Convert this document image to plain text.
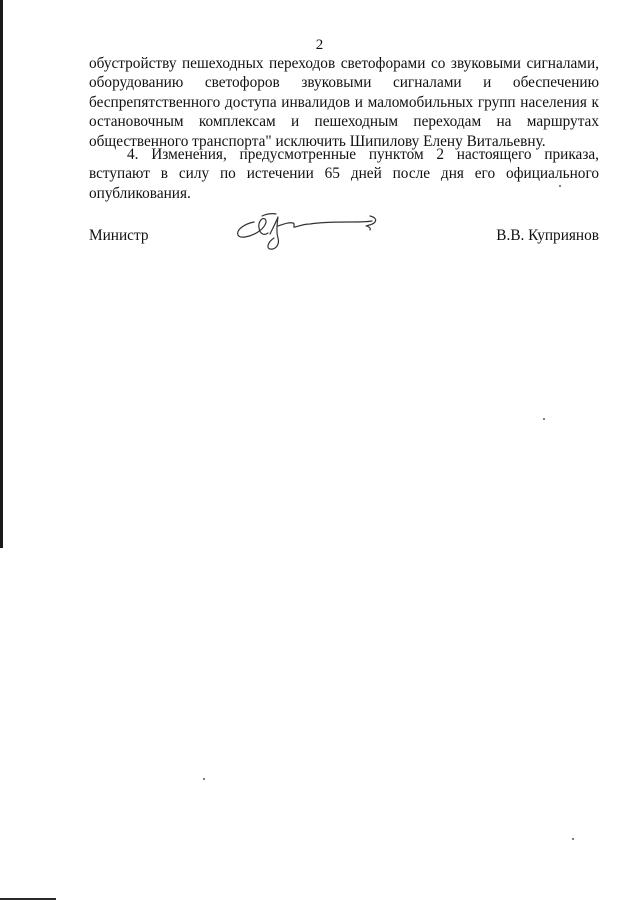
2
обустройству пешеходных переходов светофорами со звуковыми сигналами,
оборудованию светофоров звуковыми сигналами и обеспечению
беспрепятственного доступа инвалидов и маломобильных групп населения к
остановочным комплексам и пешеходным переходам на маршрутах
общественного транспорта" исключить Шипилову Елену Витальевну.
4. Изменения, предусмотренные пунктом 2 настоящего приказа,
вступают в силу по истечении 65 дней после дня его официального
опубликования.
Министр	В.В. Куприянов
